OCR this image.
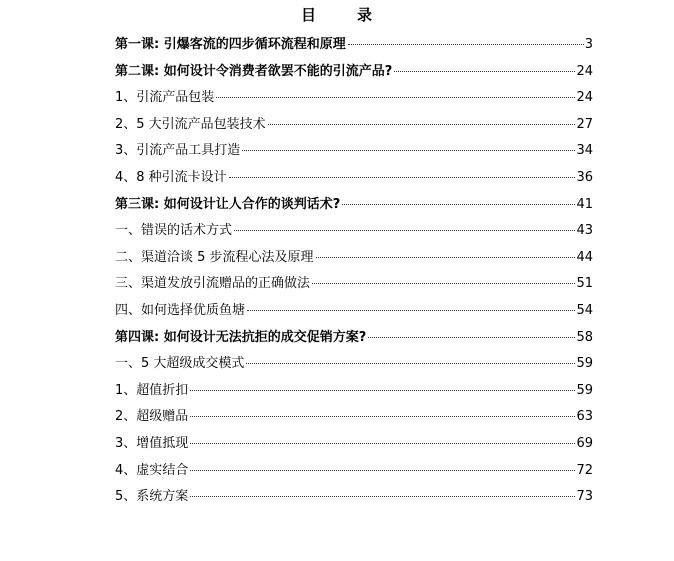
目	录
第一课: 引爆客流的四步循环流程和原理	3
第二课: 如何设计令消费者欲罢不能的引流产品?	24
1、引流产品包装	24
2、5 大引流产品包装技术	27
3、引流产品工具打造	34
4、8 种引流卡设计	36
第三课: 如何设计让人合作的谈判话术?	41
一、错误的话术方式	43
二、渠道洽谈 5 步流程心法及原理	44
三、渠道发放引流赠品的正确做法	51
四、如何选择优质鱼塘	54
第四课: 如何设计无法抗拒的成交促销方案?	58
一、5 大超级成交模式	59
1、超值折扣	59
2、超级赠品	63
3、增值抵现	69
4、虚实结合	72
5、系统方案	73
